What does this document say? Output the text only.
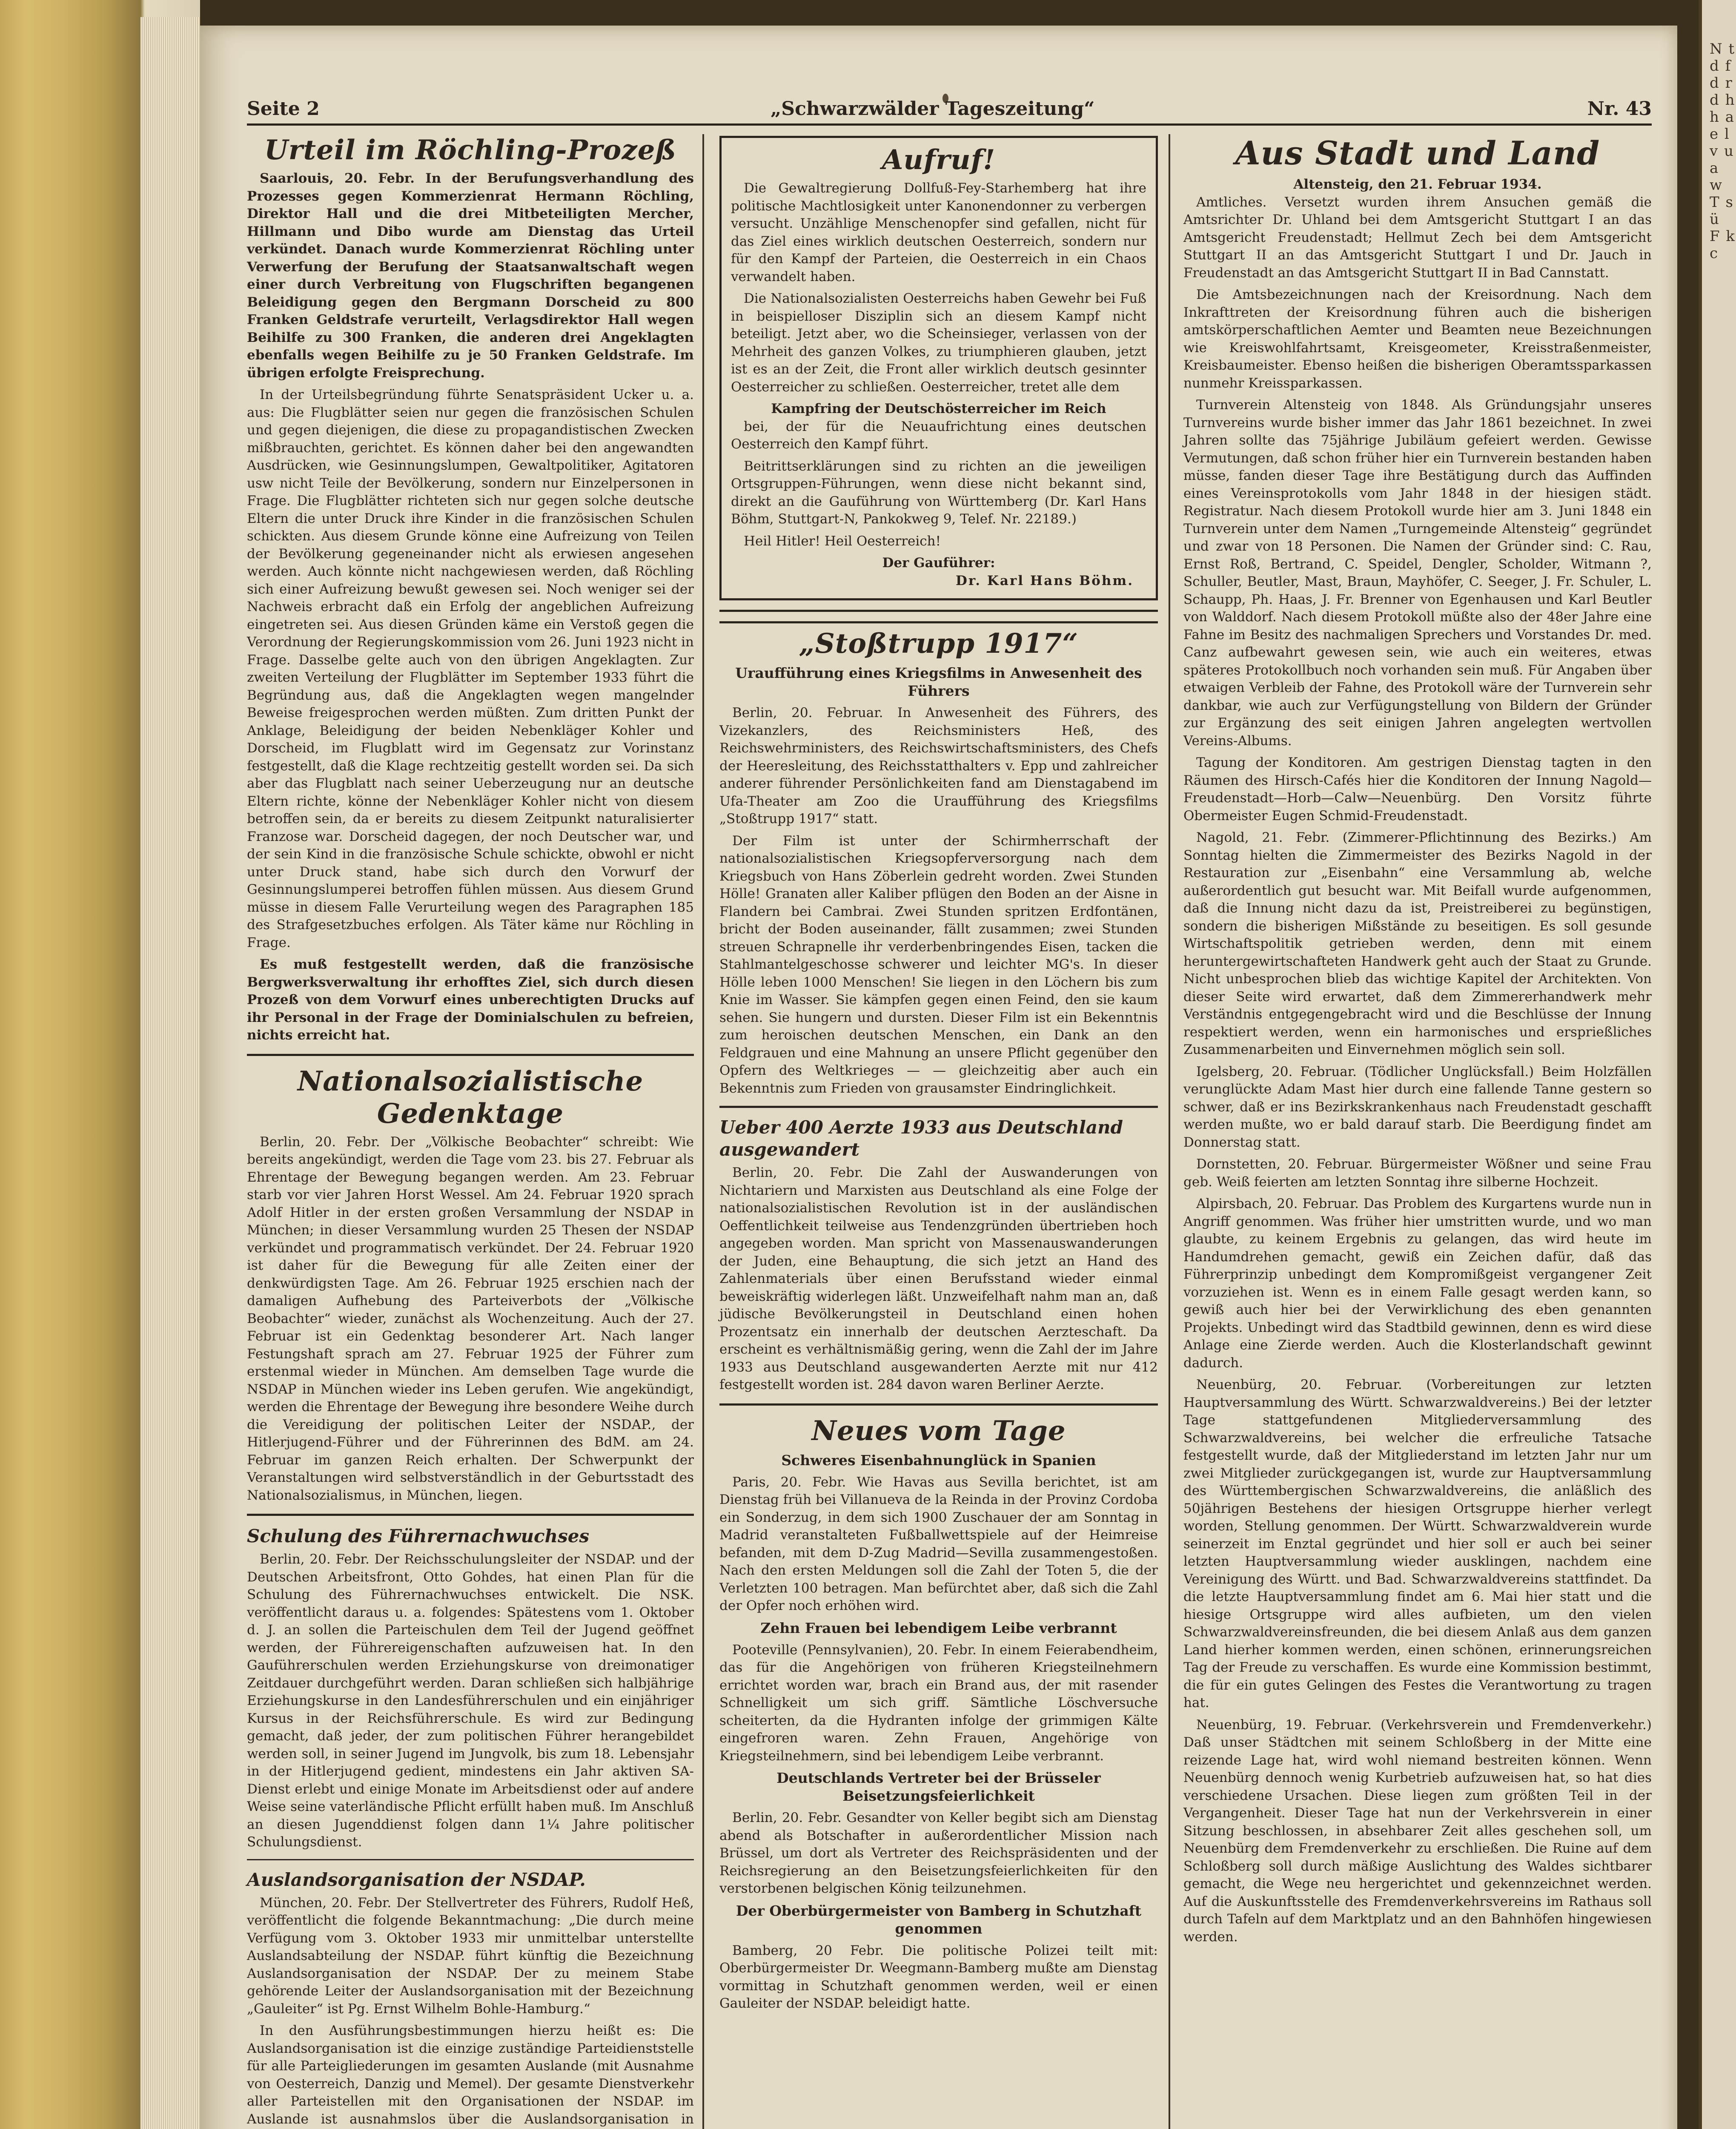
N t d f d r d h h a e l v u a w T s ü F k c
Seite 2	„Schwarzwälder Tageszeitung“	Nr. 43
Urteil im Röchling-Prozeß

Saarlouis, 20. Febr. In der Berufungsverhandlung des Prozesses gegen Kommerzienrat Hermann Röchling, Direktor Hall und die drei Mitbeteiligten Mercher, Hillmann und Dibo wurde am Dienstag das Urteil verkündet. Danach wurde Kommerzienrat Röchling unter Verwerfung der Berufung der Staatsanwaltschaft wegen einer durch Verbreitung von Flugschriften begangenen Beleidigung gegen den Bergmann Dorscheid zu 800 Franken Geldstrafe verurteilt, Verlagsdirektor Hall wegen Beihilfe zu 300 Franken, die anderen drei Angeklagten ebenfalls wegen Beihilfe zu je 50 Franken Geldstrafe. Im übrigen erfolgte Freisprechung.

In der Urteilsbegründung führte Senatspräsident Ucker u. a. aus: Die Flugblätter seien nur gegen die französischen Schulen und gegen diejenigen, die diese zu propagandistischen Zwecken mißbrauchten, gerichtet. Es können daher bei den angewandten Ausdrücken, wie Gesinnungslumpen, Gewaltpolitiker, Agitatoren usw nicht Teile der Bevölkerung, sondern nur Einzelpersonen in Frage. Die Flugblätter richteten sich nur gegen solche deutsche Eltern die unter Druck ihre Kinder in die französischen Schulen schickten. Aus diesem Grunde könne eine Aufreizung von Teilen der Bevölkerung gegeneinander nicht als erwiesen angesehen werden. Auch könnte nicht nachgewiesen werden, daß Röchling sich einer Aufreizung bewußt gewesen sei. Noch weniger sei der Nachweis erbracht daß ein Erfolg der angeblichen Aufreizung eingetreten sei. Aus diesen Gründen käme ein Verstoß gegen die Verordnung der Regierungskommission vom 26. Juni 1923 nicht in Frage. Dasselbe gelte auch von den übrigen Angeklagten. Zur zweiten Verteilung der Flugblätter im September 1933 führt die Begründung aus, daß die Angeklagten wegen mangelnder Beweise freigesprochen werden müßten. Zum dritten Punkt der Anklage, Beleidigung der beiden Nebenkläger Kohler und Dorscheid, im Flugblatt wird im Gegensatz zur Vorinstanz festgestellt, daß die Klage rechtzeitig gestellt worden sei. Da sich aber das Flugblatt nach seiner Ueberzeugung nur an deutsche Eltern richte, könne der Nebenkläger Kohler nicht von diesem betroffen sein, da er bereits zu diesem Zeitpunkt naturalisierter Franzose war. Dorscheid dagegen, der noch Deutscher war, und der sein Kind in die französische Schule schickte, obwohl er nicht unter Druck stand, habe sich durch den Vorwurf der Gesinnungslumperei betroffen fühlen müssen. Aus diesem Grund müsse in diesem Falle Verurteilung wegen des Paragraphen 185 des Strafgesetzbuches erfolgen. Als Täter käme nur Röchling in Frage.

Es muß festgestellt werden, daß die französische Bergwerksverwaltung ihr erhofftes Ziel, sich durch diesen Prozeß von dem Vorwurf eines unberechtigten Drucks auf ihr Personal in der Frage der Dominialschulen zu befreien, nichts erreicht hat.

Nationalsozialistische Gedenktage

Berlin, 20. Febr. Der „Völkische Beobachter“ schreibt: Wie bereits angekündigt, werden die Tage vom 23. bis 27. Februar als Ehrentage der Bewegung begangen werden. Am 23. Februar starb vor vier Jahren Horst Wessel. Am 24. Februar 1920 sprach Adolf Hitler in der ersten großen Versammlung der NSDAP in München; in dieser Versammlung wurden 25 Thesen der NSDAP verkündet und programmatisch verkündet. Der 24. Februar 1920 ist daher für die Bewegung für alle Zeiten einer der denkwürdigsten Tage. Am 26. Februar 1925 erschien nach der damaligen Aufhebung des Parteiverbots der „Völkische Beobachter“ wieder, zunächst als Wochenzeitung. Auch der 27. Februar ist ein Gedenktag besonderer Art. Nach langer Festungshaft sprach am 27. Februar 1925 der Führer zum erstenmal wieder in München. Am demselben Tage wurde die NSDAP in München wieder ins Leben gerufen. Wie angekündigt, werden die Ehrentage der Bewegung ihre besondere Weihe durch die Vereidigung der politischen Leiter der NSDAP., der Hitlerjugend-Führer und der Führerinnen des BdM. am 24. Februar im ganzen Reich erhalten. Der Schwerpunkt der Veranstaltungen wird selbstverständlich in der Geburtsstadt des Nationalsozialismus, in München, liegen.

Schulung des Führernachwuchses

Berlin, 20. Febr. Der Reichsschulungsleiter der NSDAP. und der Deutschen Arbeitsfront, Otto Gohdes, hat einen Plan für die Schulung des Führernachwuchses entwickelt. Die NSK. veröffentlicht daraus u. a. folgendes: Spätestens vom 1. Oktober d. J. an sollen die Parteischulen dem Teil der Jugend geöffnet werden, der Führereigenschaften aufzuweisen hat. In den Gauführerschulen werden Erziehungskurse von dreimonatiger Zeitdauer durchgeführt werden. Daran schließen sich halbjährige Erziehungskurse in den Landesführerschulen und ein einjähriger Kursus in der Reichsführerschule. Es wird zur Bedingung gemacht, daß jeder, der zum politischen Führer herangebildet werden soll, in seiner Jugend im Jungvolk, bis zum 18. Lebensjahr in der Hitlerjugend gedient, mindestens ein Jahr aktiven SA-Dienst erlebt und einige Monate im Arbeitsdienst oder auf andere Weise seine vaterländische Pflicht erfüllt haben muß. Im Anschluß an diesen Jugenddienst folgen dann 1¼ Jahre politischer Schulungsdienst.

Auslandsorganisation der NSDAP.

München, 20. Febr. Der Stellvertreter des Führers, Rudolf Heß, veröffentlicht die folgende Bekanntmachung: „Die durch meine Verfügung vom 3. Oktober 1933 mir unmittelbar unterstellte Auslandsabteilung der NSDAP. führt künftig die Bezeichnung Auslandsorganisation der NSDAP. Der zu meinem Stabe gehörende Leiter der Auslandsorganisation mit der Bezeichnung „Gauleiter“ ist Pg. Ernst Wilhelm Bohle-Hamburg.“

In den Ausführungsbestimmungen hierzu heißt es: Die Auslandsorganisation ist die einzige zuständige Parteidienststelle für alle Parteigliederungen im gesamten Auslande (mit Ausnahme von Oesterreich, Danzig und Memel). Der gesamte Dienstverkehr aller Parteistellen mit den Organisationen der NSDAP. im Auslande ist ausnahmslos über die Auslandsorganisation in

Aufruf!

Die Gewaltregierung Dollfuß-Fey-Starhemberg hat ihre politische Machtlosigkeit unter Kanonendonner zu verbergen versucht. Unzählige Menschenopfer sind gefallen, nicht für das Ziel eines wirklich deutschen Oesterreich, sondern nur für den Kampf der Parteien, die Oesterreich in ein Chaos verwandelt haben.

Die Nationalsozialisten Oesterreichs haben Gewehr bei Fuß in beispielloser Disziplin sich an diesem Kampf nicht beteiligt. Jetzt aber, wo die Scheinsieger, verlassen von der Mehrheit des ganzen Volkes, zu triumphieren glauben, jetzt ist es an der Zeit, die Front aller wirklich deutsch gesinnter Oesterreicher zu schließen. Oesterreicher, tretet alle dem

Kampfring der Deutschösterreicher im Reich

bei, der für die Neuaufrichtung eines deutschen Oesterreich den Kampf führt.

Beitrittserklärungen sind zu richten an die jeweiligen Ortsgruppen-Führungen, wenn diese nicht bekannt sind, direkt an die Gauführung von Württemberg (Dr. Karl Hans Böhm, Stuttgart-N, Pankokweg 9, Telef. Nr. 22189.)

Heil Hitler! Heil Oesterreich!

Der Gauführer:
Dr. Karl Hans Böhm.
„Stoßtrupp 1917“
Uraufführung eines Kriegsfilms in Anwesenheit des Führers

Berlin, 20. Februar. In Anwesenheit des Führers, des Vizekanzlers, des Reichsministers Heß, des Reichswehrministers, des Reichswirtschaftsministers, des Chefs der Heeresleitung, des Reichsstatthalters v. Epp und zahlreicher anderer führender Persönlichkeiten fand am Dienstagabend im Ufa-Theater am Zoo die Uraufführung des Kriegsfilms „Stoßtrupp 1917“ statt.

Der Film ist unter der Schirmherrschaft der nationalsozialistischen Kriegsopferversorgung nach dem Kriegsbuch von Hans Zöberlein gedreht worden. Zwei Stunden Hölle! Granaten aller Kaliber pflügen den Boden an der Aisne in Flandern bei Cambrai. Zwei Stunden spritzen Erdfontänen, bricht der Boden auseinander, fällt zusammen; zwei Stunden streuen Schrapnelle ihr verderbenbringendes Eisen, tacken die Stahlmantelgeschosse schwerer und leichter MG's. In dieser Hölle leben 1000 Menschen! Sie liegen in den Löchern bis zum Knie im Wasser. Sie kämpfen gegen einen Feind, den sie kaum sehen. Sie hungern und dursten. Dieser Film ist ein Bekenntnis zum heroischen deutschen Menschen, ein Dank an den Feldgrauen und eine Mahnung an unsere Pflicht gegenüber den Opfern des Weltkrieges — — gleichzeitig aber auch ein Bekenntnis zum Frieden von grausamster Eindringlichkeit.

Ueber 400 Aerzte 1933 aus Deutschland ausgewandert

Berlin, 20. Febr. Die Zahl der Auswanderungen von Nichtariern und Marxisten aus Deutschland als eine Folge der nationalsozialistischen Revolution ist in der ausländischen Oeffentlichkeit teilweise aus Tendenzgründen übertrieben hoch angegeben worden. Man spricht von Massenauswanderungen der Juden, eine Behauptung, die sich jetzt an Hand des Zahlenmaterials über einen Berufsstand wieder einmal beweiskräftig widerlegen läßt. Unzweifelhaft nahm man an, daß jüdische Bevölkerungsteil in Deutschland einen hohen Prozentsatz ein innerhalb der deutschen Aerzteschaft. Da erscheint es verhältnismäßig gering, wenn die Zahl der im Jahre 1933 aus Deutschland ausgewanderten Aerzte mit nur 412 festgestellt worden ist. 284 davon waren Berliner Aerzte.

Neues vom Tage
Schweres Eisenbahnunglück in Spanien

Paris, 20. Febr. Wie Havas aus Sevilla berichtet, ist am Dienstag früh bei Villanueva de la Reinda in der Provinz Cordoba ein Sonderzug, in dem sich 1900 Zuschauer der am Sonntag in Madrid veranstalteten Fußballwettspiele auf der Heimreise befanden, mit dem D-Zug Madrid—Sevilla zusammengestoßen. Nach den ersten Meldungen soll die Zahl der Toten 5, die der Verletzten 100 betragen. Man befürchtet aber, daß sich die Zahl der Opfer noch erhöhen wird.

Zehn Frauen bei lebendigem Leibe verbrannt

Pooteville (Pennsylvanien), 20. Febr. In einem Feierabendheim, das für die Angehörigen von früheren Kriegsteilnehmern errichtet worden war, brach ein Brand aus, der mit rasender Schnelligkeit um sich griff. Sämtliche Löschversuche scheiterten, da die Hydranten infolge der grimmigen Kälte eingefroren waren. Zehn Frauen, Angehörige von Kriegsteilnehmern, sind bei lebendigem Leibe verbrannt.

Deutschlands Vertreter bei der Brüsseler Beisetzungsfeierlichkeit

Berlin, 20. Febr. Gesandter von Keller begibt sich am Dienstag abend als Botschafter in außerordentlicher Mission nach Brüssel, um dort als Vertreter des Reichspräsidenten und der Reichsregierung an den Beisetzungsfeierlichkeiten für den verstorbenen belgischen König teilzunehmen.

Der Oberbürgermeister von Bamberg in Schutzhaft genommen

Bamberg, 20 Febr. Die politische Polizei teilt mit: Oberbürgermeister Dr. Weegmann-Bamberg mußte am Dienstag vormittag in Schutzhaft genommen werden, weil er einen Gauleiter der NSDAP. beleidigt hatte.

Aus Stadt und Land
Altensteig, den 21. Februar 1934.

Amtliches. Versetzt wurden ihrem Ansuchen gemäß die Amtsrichter Dr. Uhland bei dem Amtsgericht Stuttgart I an das Amtsgericht Freudenstadt; Hellmut Zech bei dem Amtsgericht Stuttgart II an das Amtsgericht Stuttgart I und Dr. Jauch in Freudenstadt an das Amtsgericht Stuttgart II in Bad Cannstatt.

Die Amtsbezeichnungen nach der Kreisordnung. Nach dem Inkrafttreten der Kreisordnung führen auch die bisherigen amtskörperschaftlichen Aemter und Beamten neue Bezeichnungen wie Kreiswohlfahrtsamt, Kreisgeometer, Kreisstraßenmeister, Kreisbaumeister. Ebenso heißen die bisherigen Oberamtssparkassen nunmehr Kreissparkassen.

Turnverein Altensteig von 1848. Als Gründungsjahr unseres Turnvereins wurde bisher immer das Jahr 1861 bezeichnet. In zwei Jahren sollte das 75jährige Jubiläum gefeiert werden. Gewisse Vermutungen, daß schon früher hier ein Turnverein bestanden haben müsse, fanden dieser Tage ihre Bestätigung durch das Auffinden eines Vereinsprotokolls vom Jahr 1848 in der hiesigen städt. Registratur. Nach diesem Protokoll wurde hier am 3. Juni 1848 ein Turnverein unter dem Namen „Turngemeinde Altensteig“ gegründet und zwar von 18 Personen. Die Namen der Gründer sind: C. Rau, Ernst Roß, Bertrand, C. Speidel, Dengler, Scholder, Witmann ?, Schuller, Beutler, Mast, Braun, Mayhöfer, C. Seeger, J. Fr. Schuler, L. Schaupp, Ph. Haas, J. Fr. Brenner von Egenhausen und Karl Beutler von Walddorf. Nach diesem Protokoll müßte also der 48er Jahre eine Fahne im Besitz des nachmaligen Sprechers und Vorstandes Dr. med. Canz aufbewahrt gewesen sein, wie auch ein weiteres, etwas späteres Protokollbuch noch vorhanden sein muß. Für Angaben über etwaigen Verbleib der Fahne, des Protokoll wäre der Turnverein sehr dankbar, wie auch zur Verfügungstellung von Bildern der Gründer zur Ergänzung des seit einigen Jahren angelegten wertvollen Vereins-Albums.

Tagung der Konditoren. Am gestrigen Dienstag tagten in den Räumen des Hirsch-Cafés hier die Konditoren der Innung Nagold—Freudenstadt—Horb—Calw—Neuenbürg. Den Vorsitz führte Obermeister Eugen Schmid-Freudenstadt.

Nagold, 21. Febr. (Zimmerer-Pflichtinnung des Bezirks.) Am Sonntag hielten die Zimmermeister des Bezirks Nagold in der Restauration zur „Eisenbahn“ eine Versammlung ab, welche außerordentlich gut besucht war. Mit Beifall wurde aufgenommen, daß die Innung nicht dazu da ist, Preistreiberei zu begünstigen, sondern die bisherigen Mißstände zu beseitigen. Es soll gesunde Wirtschaftspolitik getrieben werden, denn mit einem heruntergewirtschafteten Handwerk geht auch der Staat zu Grunde. Nicht unbesprochen blieb das wichtige Kapitel der Architekten. Von dieser Seite wird erwartet, daß dem Zimmererhandwerk mehr Verständnis entgegengebracht wird und die Beschlüsse der Innung respektiert werden, wenn ein harmonisches und ersprießliches Zusammenarbeiten und Einvernehmen möglich sein soll.

Igelsberg, 20. Februar. (Tödlicher Unglücksfall.) Beim Holzfällen verunglückte Adam Mast hier durch eine fallende Tanne gestern so schwer, daß er ins Bezirkskrankenhaus nach Freudenstadt geschafft werden mußte, wo er bald darauf starb. Die Beerdigung findet am Donnerstag statt.

Dornstetten, 20. Februar. Bürgermeister Wößner und seine Frau geb. Weiß feierten am letzten Sonntag ihre silberne Hochzeit.

Alpirsbach, 20. Februar. Das Problem des Kurgartens wurde nun in Angriff genommen. Was früher hier umstritten wurde, und wo man glaubte, zu keinem Ergebnis zu gelangen, das wird heute im Handumdrehen gemacht, gewiß ein Zeichen dafür, daß das Führerprinzip unbedingt dem Kompromißgeist vergangener Zeit vorzuziehen ist. Wenn es in einem Falle gesagt werden kann, so gewiß auch hier bei der Verwirklichung des eben genannten Projekts. Unbedingt wird das Stadtbild gewinnen, denn es wird diese Anlage eine Zierde werden. Auch die Klosterlandschaft gewinnt dadurch.

Neuenbürg, 20. Februar. (Vorbereitungen zur letzten Hauptversammlung des Württ. Schwarzwaldvereins.) Bei der letzter Tage stattgefundenen Mitgliederversammlung des Schwarzwaldvereins, bei welcher die erfreuliche Tatsache festgestellt wurde, daß der Mitgliederstand im letzten Jahr nur um zwei Mitglieder zurückgegangen ist, wurde zur Hauptversammlung des Württembergischen Schwarzwaldvereins, die anläßlich des 50jährigen Bestehens der hiesigen Ortsgruppe hierher verlegt worden, Stellung genommen. Der Württ. Schwarzwaldverein wurde seinerzeit im Enztal gegründet und hier soll er auch bei seiner letzten Hauptversammlung wieder ausklingen, nachdem eine Vereinigung des Württ. und Bad. Schwarzwaldvereins stattfindet. Da die letzte Hauptversammlung findet am 6. Mai hier statt und die hiesige Ortsgruppe wird alles aufbieten, um den vielen Schwarzwaldvereinsfreunden, die bei diesem Anlaß aus dem ganzen Land hierher kommen werden, einen schönen, erinnerungsreichen Tag der Freude zu verschaffen. Es wurde eine Kommission bestimmt, die für ein gutes Gelingen des Festes die Verantwortung zu tragen hat.

Neuenbürg, 19. Februar. (Verkehrsverein und Fremdenverkehr.) Daß unser Städtchen mit seinem Schloßberg in der Mitte eine reizende Lage hat, wird wohl niemand bestreiten können. Wenn Neuenbürg dennoch wenig Kurbetrieb aufzuweisen hat, so hat dies verschiedene Ursachen. Diese liegen zum größten Teil in der Vergangenheit. Dieser Tage hat nun der Verkehrsverein in einer Sitzung beschlossen, in absehbarer Zeit alles geschehen soll, um Neuenbürg dem Fremdenverkehr zu erschließen. Die Ruine auf dem Schloßberg soll durch mäßige Auslichtung des Waldes sichtbarer gemacht, die Wege neu hergerichtet und gekennzeichnet werden. Auf die Auskunftsstelle des Fremdenverkehrsvereins im Rathaus soll durch Tafeln auf dem Marktplatz und an den Bahnhöfen hingewiesen werden.
